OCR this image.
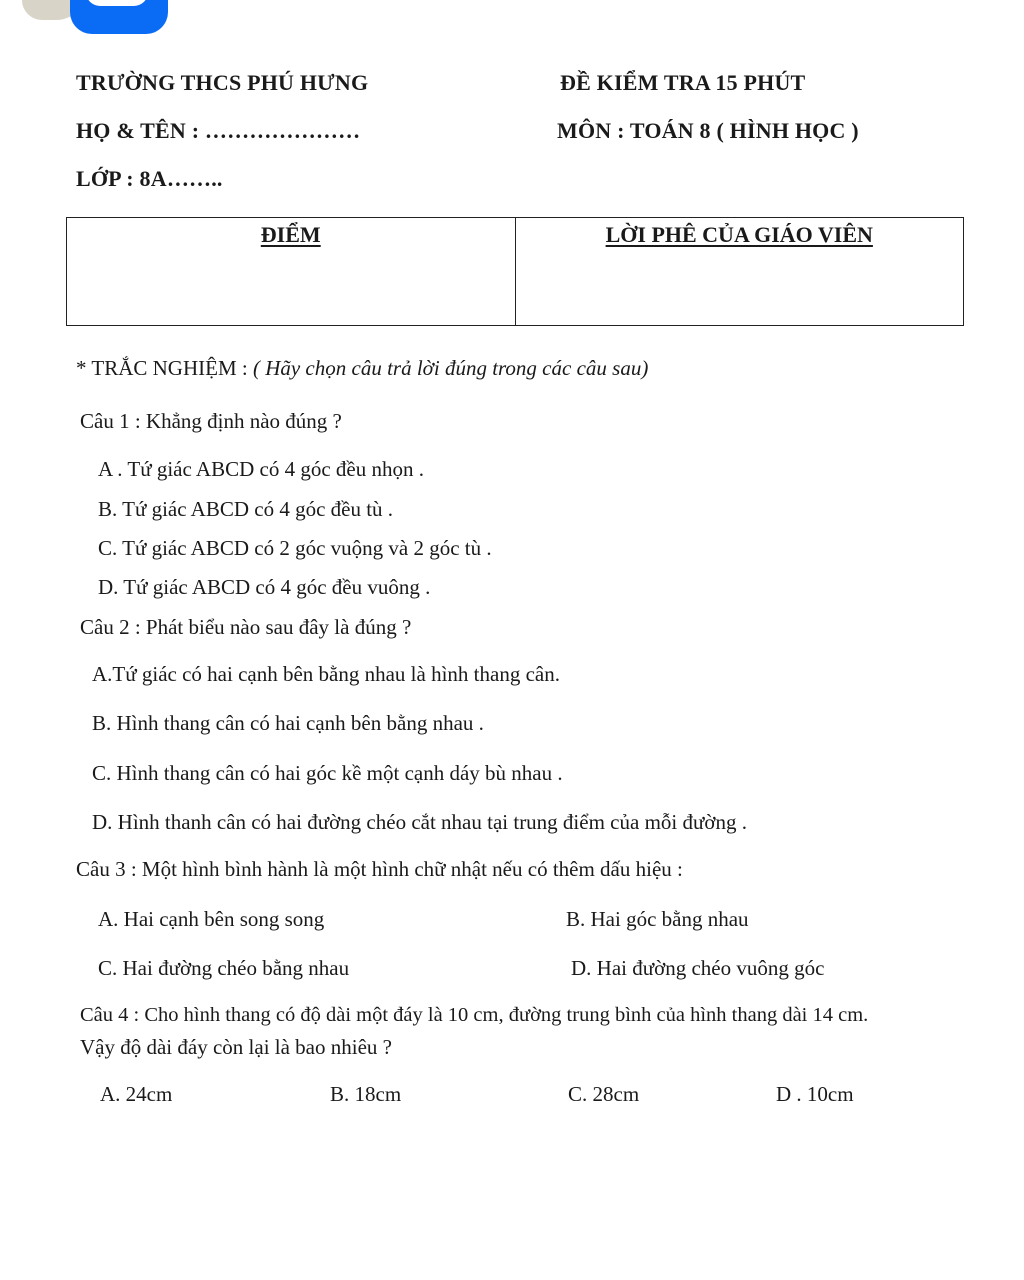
TRƯỜNG THCS PHÚ HƯNG	ĐỀ KIỂM TRA 15 PHÚT
HỌ & TÊN : …………………	MÔN : TOÁN 8 ( HÌNH HỌC )
LỚP : 8A……..
ĐIỂM	LỜI PHÊ CỦA GIÁO VIÊN
* TRẮC NGHIỆM : ( Hãy chọn câu trả lời đúng trong các câu sau)
Câu 1 : Khẳng định nào đúng ?
A . Tứ giác ABCD có 4 góc đều nhọn .
B. Tứ giác ABCD có 4 góc đều tù .
C. Tứ giác ABCD có 2 góc vuộng và 2 góc tù .
D. Tứ giác ABCD có 4 góc đều vuông .
Câu 2 : Phát biểu nào sau đây là đúng ?
A.Tứ giác có hai cạnh bên bằng nhau là hình thang cân.
B. Hình thang cân có hai cạnh bên bằng nhau .
C. Hình thang cân có hai góc kề một cạnh dáy bù nhau .
D. Hình thanh cân có hai đường chéo cắt nhau tại trung điểm của mỗi đường .
Câu 3 : Một hình bình hành là một hình chữ nhật nếu có thêm dấu hiệu :
A. Hai cạnh bên song song	B. Hai góc bằng nhau
C. Hai đường chéo bằng nhau	D. Hai đường chéo vuông góc
Câu 4 : Cho hình thang có độ dài một đáy là 10 cm, đường trung bình của hình thang dài 14 cm.
Vậy độ dài đáy còn lại là bao nhiêu ?
A. 24cm	B. 18cm	C. 28cm	D . 10cm
